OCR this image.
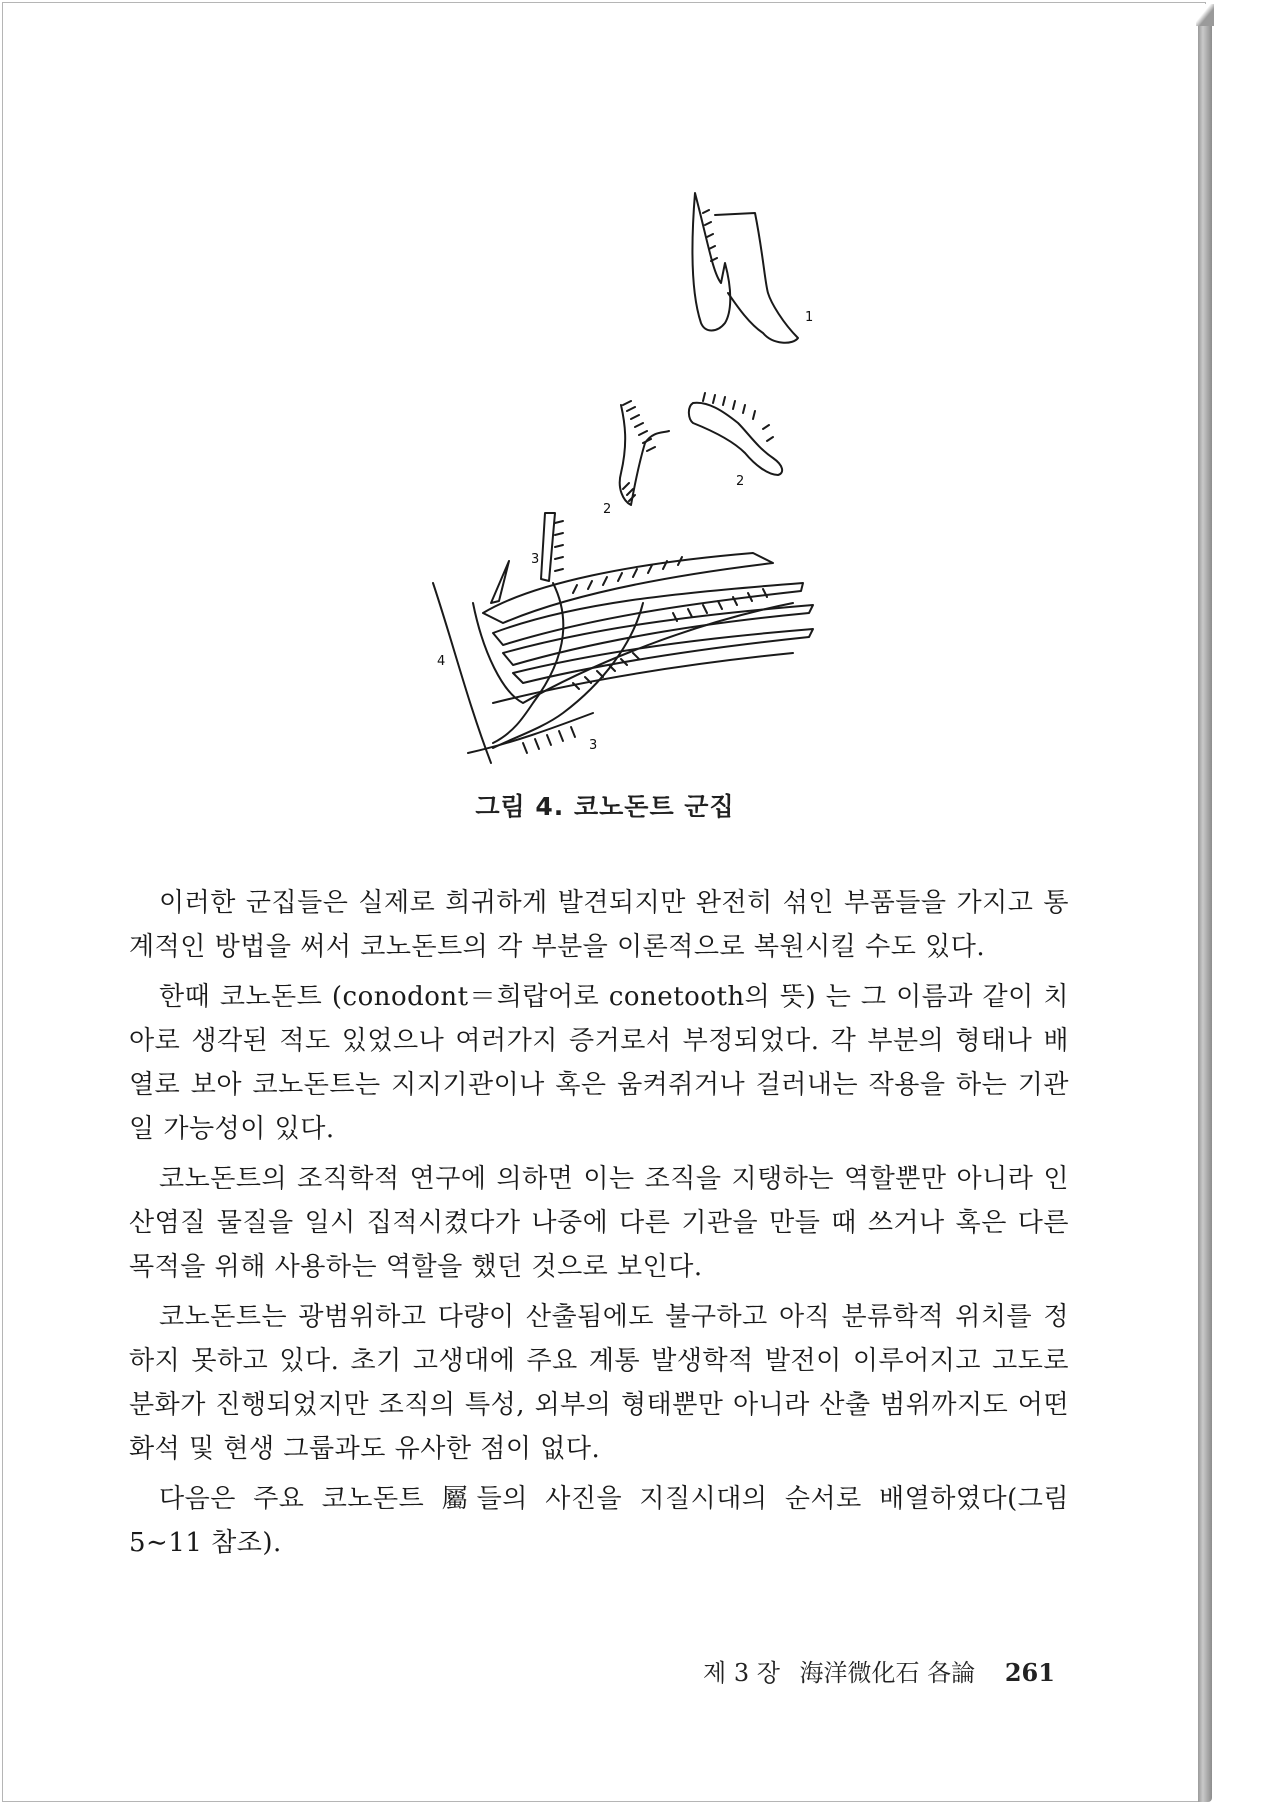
1
2
2
3
3
4
그림 4. 코노돈트 군집

이러한 군집들은 실제로 희귀하게 발견되지만 완전히 섞인 부품들을 가지고 통계적인 방법을 써서 코노돈트의 각 부분을 이론적으로 복원시킬 수도 있다.

한때 코노돈트 (conodont＝희랍어로 conetooth의 뜻) 는 그 이름과 같이 치아로 생각된 적도 있었으나 여러가지 증거로서 부정되었다. 각 부분의 형태나 배열로 보아 코노돈트는 지지기관이나 혹은 움켜쥐거나 걸러내는 작용을 하는 기관일 가능성이 있다.

코노돈트의 조직학적 연구에 의하면 이는 조직을 지탱하는 역할뿐만 아니라 인산염질 물질을 일시 집적시켰다가 나중에 다른 기관을 만들 때 쓰거나 혹은 다른 목적을 위해 사용하는 역할을 했던 것으로 보인다.

코노돈트는 광범위하고 다량이 산출됨에도 불구하고 아직 분류학적 위치를 정하지 못하고 있다. 초기 고생대에 주요 계통 발생학적 발전이 이루어지고 고도로 분화가 진행되었지만 조직의 특성, 외부의 형태뿐만 아니라 산출 범위까지도 어떤 화석 및 현생 그룹과도 유사한 점이 없다.

다음은 주요 코노돈트 屬들의 사진을 지질시대의 순서로 배열하였다(그림 5∼11 참조).

제 3 장 海洋微化石 各論 261
